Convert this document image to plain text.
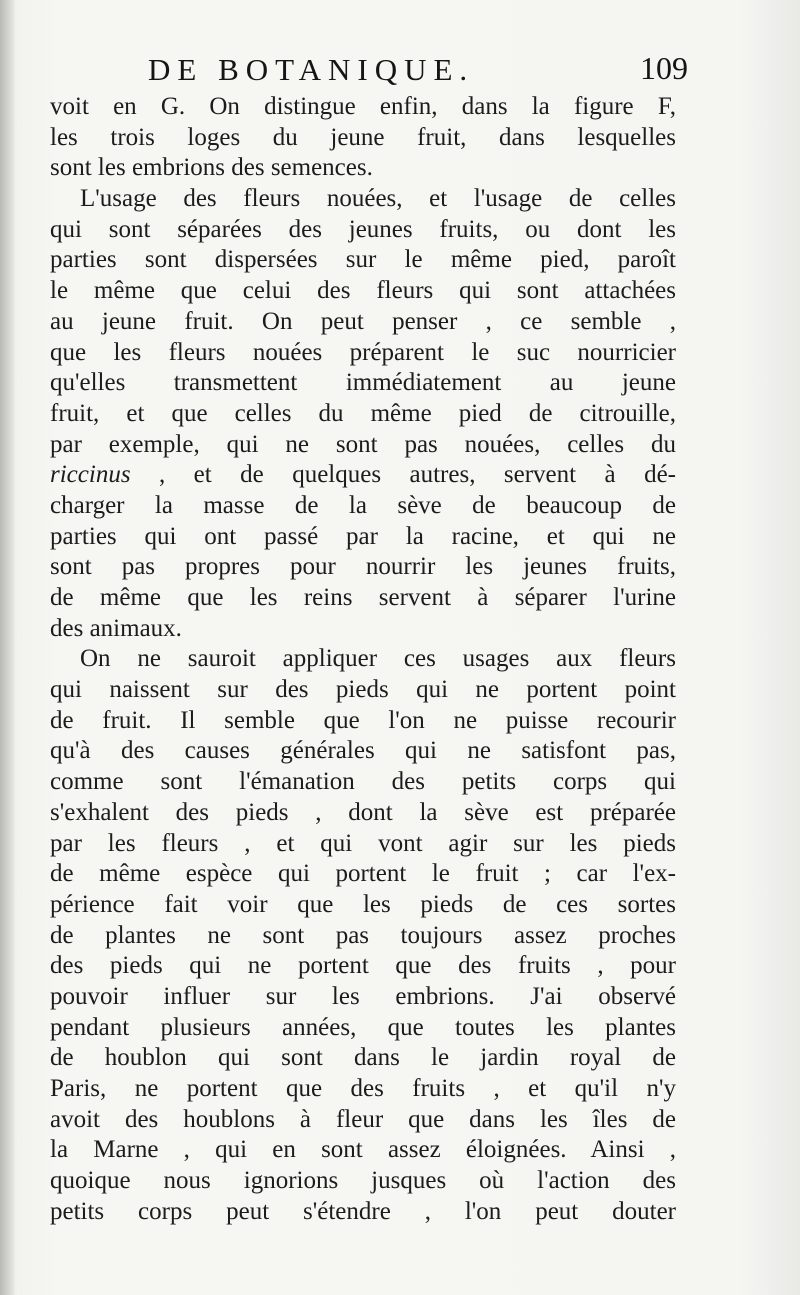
DE BOTANIQUE.	109
voit en G. On distingue enfin, dans la figure F,
les trois loges du jeune fruit, dans lesquelles
sont les embrions des semences.
L'usage des fleurs nouées, et l'usage de celles
qui sont séparées des jeunes fruits, ou dont les
parties sont dispersées sur le même pied, paroît
le même que celui des fleurs qui sont attachées
au jeune fruit. On peut penser , ce semble ,
que les fleurs nouées préparent le suc nourricier
qu'elles transmettent immédiatement au jeune
fruit, et que celles du même pied de citrouille,
par exemple, qui ne sont pas nouées, celles du
riccinus , et de quelques autres, servent à dé-
charger la masse de la sève de beaucoup de
parties qui ont passé par la racine, et qui ne
sont pas propres pour nourrir les jeunes fruits,
de même que les reins servent à séparer l'urine
des animaux.
On ne sauroit appliquer ces usages aux fleurs
qui naissent sur des pieds qui ne portent point
de fruit. Il semble que l'on ne puisse recourir
qu'à des causes générales qui ne satisfont pas,
comme sont l'émanation des petits corps qui
s'exhalent des pieds , dont la sève est préparée
par les fleurs , et qui vont agir sur les pieds
de même espèce qui portent le fruit ; car l'ex-
périence fait voir que les pieds de ces sortes
de plantes ne sont pas toujours assez proches
des pieds qui ne portent que des fruits , pour
pouvoir influer sur les embrions. J'ai observé
pendant plusieurs années, que toutes les plantes
de houblon qui sont dans le jardin royal de
Paris, ne portent que des fruits , et qu'il n'y
avoit des houblons à fleur que dans les îles de
la Marne , qui en sont assez éloignées. Ainsi ,
quoique nous ignorions jusques où l'action des
petits corps peut s'étendre , l'on peut douter
